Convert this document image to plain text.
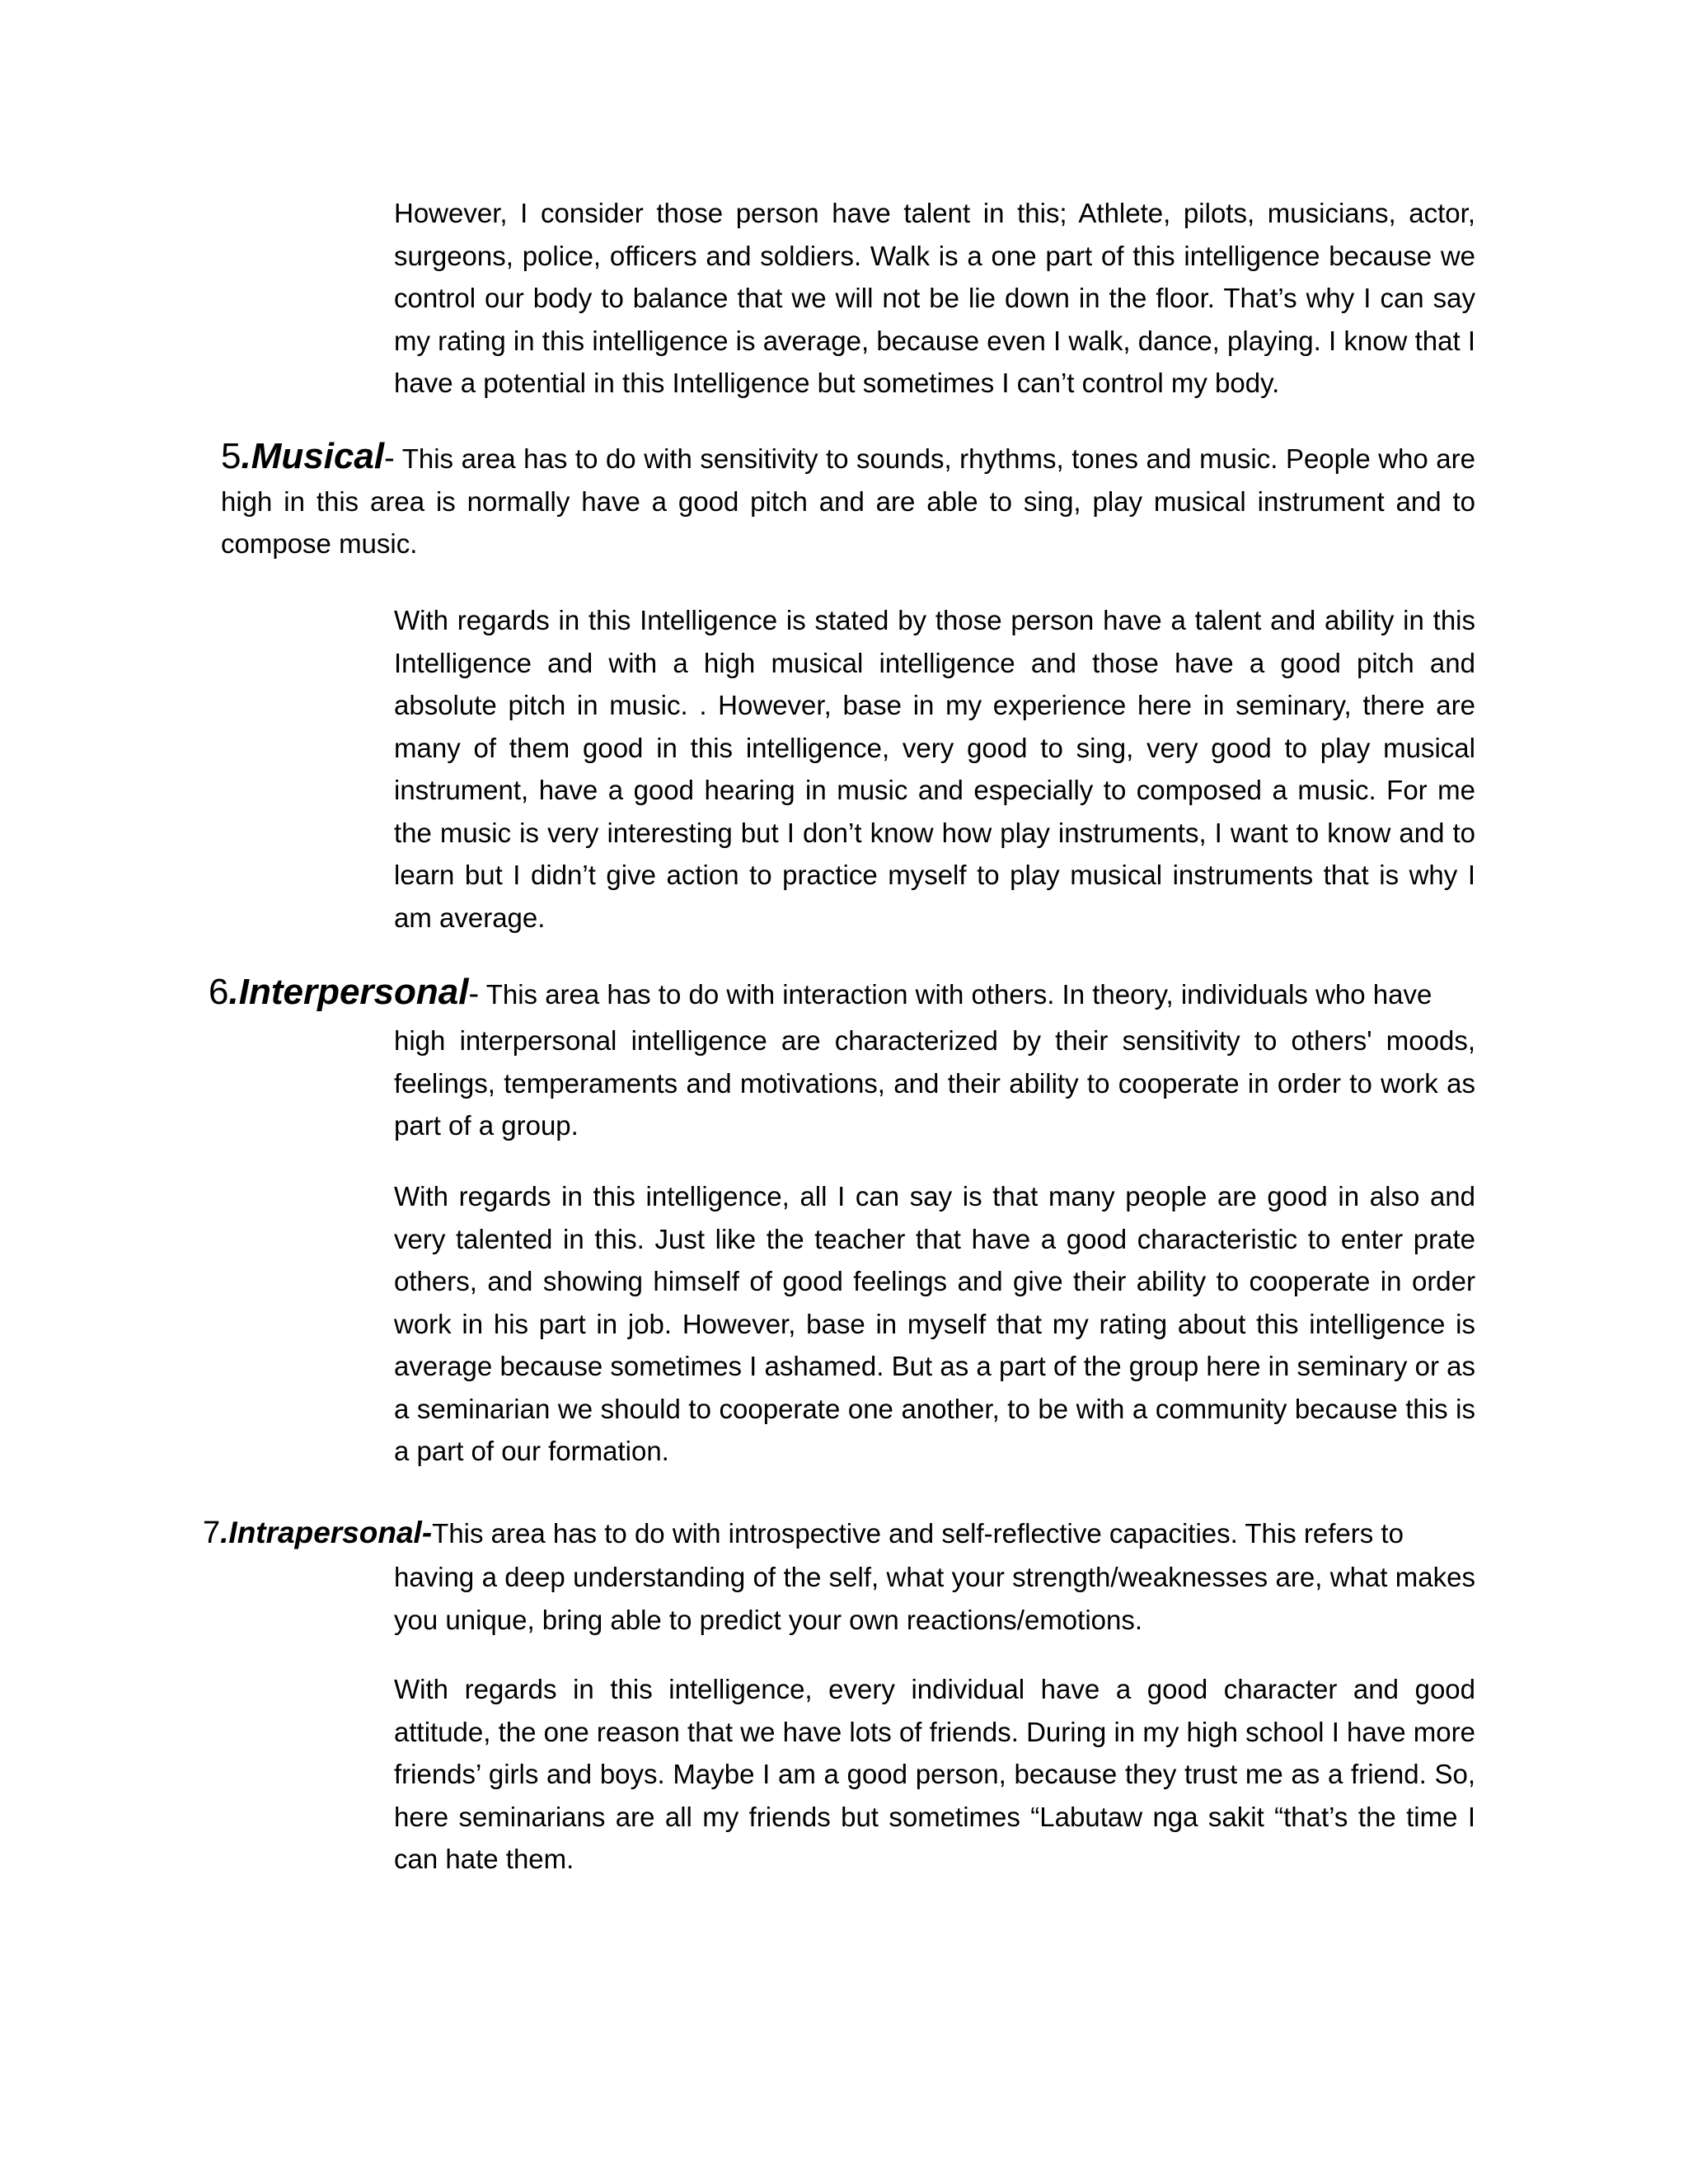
However, I consider those person have talent in this; Athlete, pilots, musicians, actor, surgeons, police, officers and soldiers. Walk is a one part of this intelligence because we control our body to balance that we will not be lie down in the floor. That’s why I can say my rating in this intelligence is average, because even I walk, dance, playing. I know that I have a potential in this Intelligence but sometimes I can’t control my body.

5.Musical- This area has to do with sensitivity to sounds, rhythms, tones and music. People who are high in this area is normally have a good pitch and are able to sing, play musical instrument and to compose music.

With regards in this Intelligence is stated by those person have a talent and ability in this Intelligence and with a high musical intelligence and those have a good pitch and absolute pitch in music. . However, base in my experience here in seminary, there are many of them good in this intelligence, very good to sing, very good to play musical instrument, have a good hearing in music and especially to composed a music. For me the music is very interesting but I don’t know how play instruments, I want to know and to learn but I didn’t give action to practice myself to play musical instruments that is why I am average.

6.Interpersonal- This area has to do with interaction with others. In theory, individuals who have

high interpersonal intelligence are characterized by their sensitivity to others' moods, feelings, temperaments and motivations, and their ability to cooperate in order to work as part of a group.

With regards in this intelligence, all I can say is that many people are good in also and very talented in this. Just like the teacher that have a good characteristic to enter prate others, and showing himself of good feelings and give their ability to cooperate in order work in his part in job. However, base in myself that my rating about this intelligence is average because sometimes I ashamed. But as a part of the group here in seminary or as a seminarian we should to cooperate one another, to be with a community because this is a part of our formation.

7.Intrapersonal-This area has to do with introspective and self-reflective capacities. This refers to

having a deep understanding of the self, what your strength/weaknesses are, what makes you unique, bring able to predict your own reactions/emotions.

With regards in this intelligence, every individual have a good character and good attitude, the one reason that we have lots of friends. During in my high school I have more friends’ girls and boys. Maybe I am a good person, because they trust me as a friend. So, here seminarians are all my friends but sometimes “Labutaw nga sakit “that’s the time I can hate them.
